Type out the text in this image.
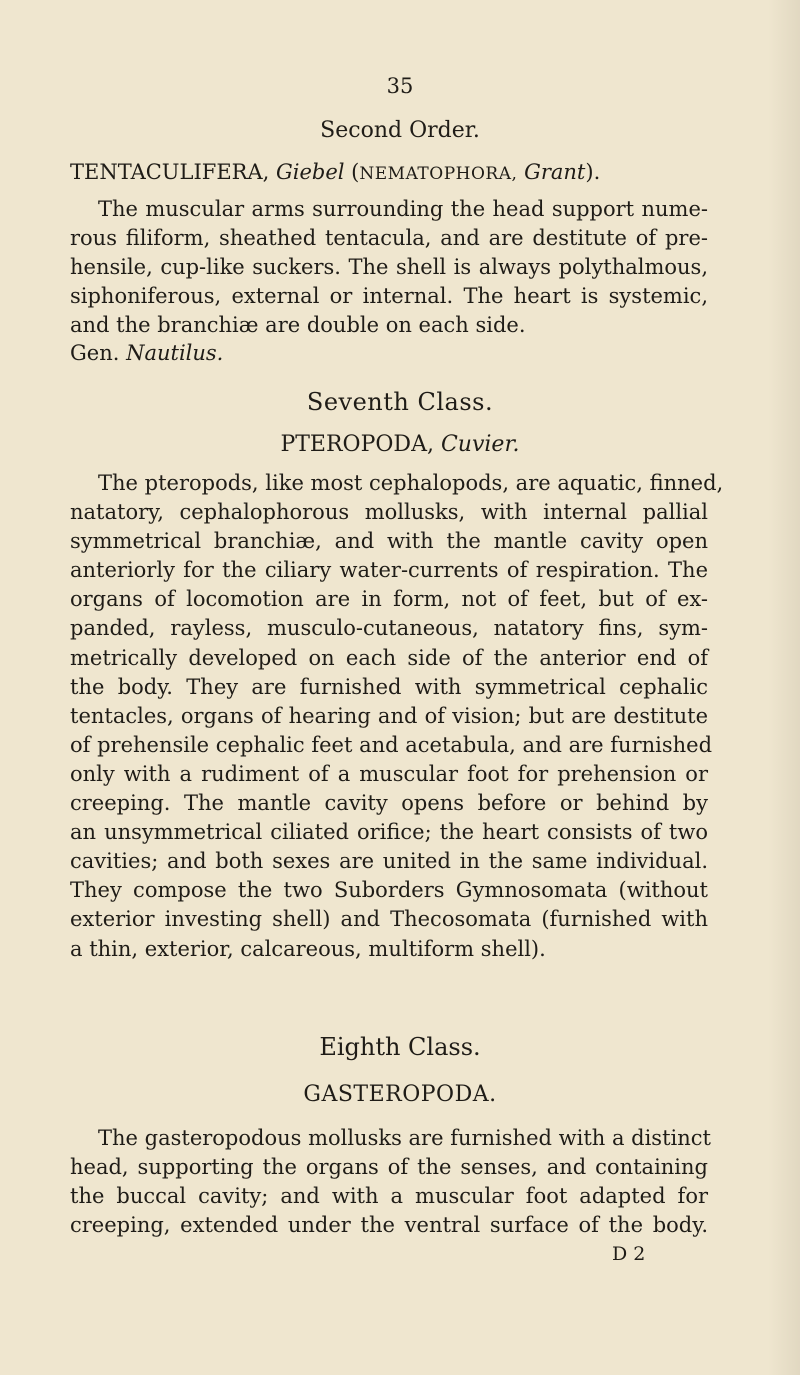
35
Second Order.
TENTACULIFERA, Giebel (NEMATOPHORA, Grant).
The muscular arms surrounding the head support nume-
rous filiform, sheathed tentacula, and are destitute of pre-
hensile, cup-like suckers. The shell is always polythalmous,
siphoniferous, external or internal. The heart is systemic,
and the branchiæ are double on each side.
Gen. Nautilus.
Seventh Class.
PTEROPODA, Cuvier.
The pteropods, like most cephalopods, are aquatic, finned,
natatory, cephalophorous mollusks, with internal pallial
symmetrical branchiæ, and with the mantle cavity open
anteriorly for the ciliary water-currents of respiration. The
organs of locomotion are in form, not of feet, but of ex-
panded, rayless, musculo-cutaneous, natatory fins, sym-
metrically developed on each side of the anterior end of
the body. They are furnished with symmetrical cephalic
tentacles, organs of hearing and of vision; but are destitute
of prehensile cephalic feet and acetabula, and are furnished
only with a rudiment of a muscular foot for prehension or
creeping. The mantle cavity opens before or behind by
an unsymmetrical ciliated orifice; the heart consists of two
cavities; and both sexes are united in the same individual.
They compose the two Suborders Gymnosomata (without
exterior investing shell) and Thecosomata (furnished with
a thin, exterior, calcareous, multiform shell).
Eighth Class.
GASTEROPODA.
The gasteropodous mollusks are furnished with a distinct
head, supporting the organs of the senses, and containing
the buccal cavity; and with a muscular foot adapted for
creeping, extended under the ventral surface of the body.
D 2
